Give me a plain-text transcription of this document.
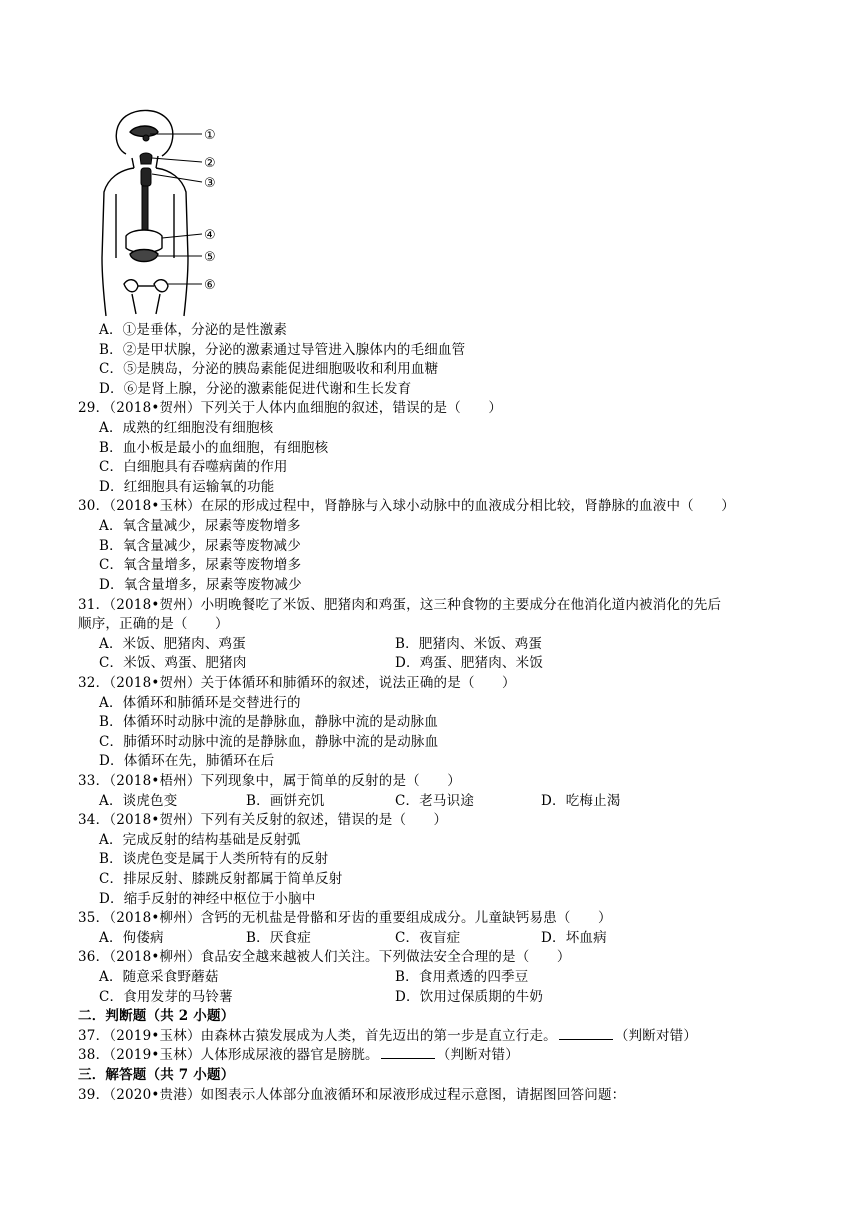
①
②
③
④
⑤
⑥
A．①是垂体，分泌的是性激素
B．②是甲状腺，分泌的激素通过导管进入腺体内的毛细血管
C．⑤是胰岛，分泌的胰岛素能促进细胞吸收和利用血糖
D．⑥是肾上腺，分泌的激素能促进代谢和生长发育
29．（2018•贺州）下列关于人体内血细胞的叙述，错误的是（　　）
A．成熟的红细胞没有细胞核
B．血小板是最小的血细胞，有细胞核
C．白细胞具有吞噬病菌的作用
D．红细胞具有运输氧的功能
30．（2018•玉林）在尿的形成过程中，肾静脉与入球小动脉中的血液成分相比较，肾静脉的血液中（　　）
A．氧含量减少，尿素等废物增多
B．氧含量减少，尿素等废物减少
C．氧含量增多，尿素等废物增多
D．氧含量增多，尿素等废物减少
31．（2018•贺州）小明晚餐吃了米饭、肥猪肉和鸡蛋，这三种食物的主要成分在他消化道内被消化的先后
顺序，正确的是（　　）
A．米饭、肥猪肉、鸡蛋	B．肥猪肉、米饭、鸡蛋
C．米饭、鸡蛋、肥猪肉	D．鸡蛋、肥猪肉、米饭
32．（2018•贺州）关于体循环和肺循环的叙述，说法正确的是（　　）
A．体循环和肺循环是交替进行的
B．体循环时动脉中流的是静脉血，静脉中流的是动脉血
C．肺循环时动脉中流的是静脉血，静脉中流的是动脉血
D．体循环在先，肺循环在后
33．（2018•梧州）下列现象中，属于简单的反射的是（　　）
A．谈虎色变	B．画饼充饥	C．老马识途	D．吃梅止渴
34．（2018•贺州）下列有关反射的叙述，错误的是（　　）
A．完成反射的结构基础是反射弧
B．谈虎色变是属于人类所特有的反射
C．排尿反射、膝跳反射都属于简单反射
D．缩手反射的神经中枢位于小脑中
35．（2018•柳州）含钙的无机盐是骨骼和牙齿的重要组成成分。儿童缺钙易患（　　）
A．佝偻病	B．厌食症	C．夜盲症	D．坏血病
36．（2018•柳州）食品安全越来越被人们关注。下列做法安全合理的是（　　）
A．随意采食野蘑菇	B．食用煮透的四季豆
C．食用发芽的马铃薯	D．饮用过保质期的牛奶
二．判断题（共 2 小题）
37．（2019•玉林）由森林古猿发展成为人类，首先迈出的第一步是直立行走。	（判断对错）
38．（2019•玉林）人体形成尿液的器官是膀胱。	（判断对错）
三．解答题（共 7 小题）
39．（2020•贵港）如图表示人体部分血液循环和尿液形成过程示意图，请据图回答问题：
